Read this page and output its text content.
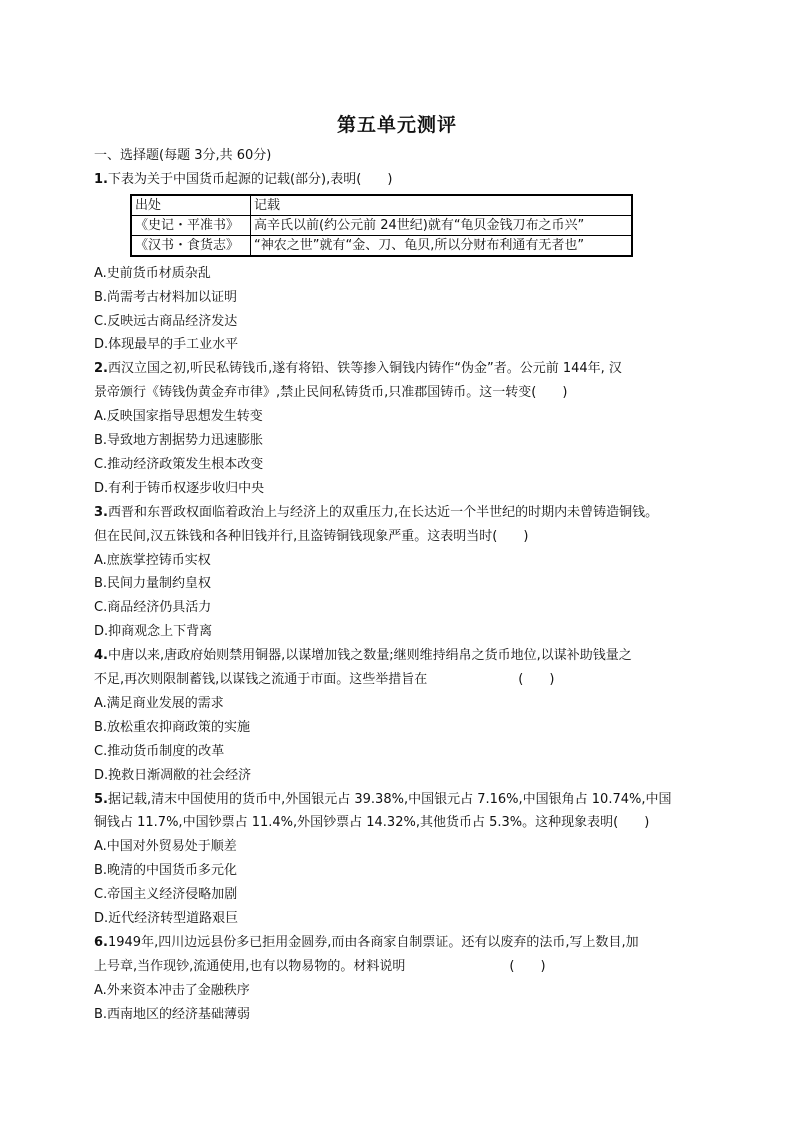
第五单元测评
一、选择题(每题 3分,共 60分)
1.下表为关于中国货币起源的记载(部分),表明(　　)
出处	记载
《史记・平准书》	高辛氏以前(约公元前 24世纪)就有“龟贝金钱刀布之币兴”
《汉书・食货志》	“神农之世”就有“金、刀、龟贝,所以分财布利通有无者也”
A.史前货币材质杂乱
B.尚需考古材料加以证明
C.反映远古商品经济发达
D.体现最早的手工业水平
2.西汉立国之初,听民私铸钱币,遂有将铅、铁等掺入铜钱内铸作“伪金”者。公元前 144年, 汉
景帝颁行《铸钱伪黄金弃市律》,禁止民间私铸货币,只准郡国铸币。这一转变(　　)
A.反映国家指导思想发生转变
B.导致地方割据势力迅速膨胀
C.推动经济政策发生根本改变
D.有利于铸币权逐步收归中央
3.西晋和东晋政权面临着政治上与经济上的双重压力,在长达近一个半世纪的时期内未曾铸造铜钱。
但在民间,汉五铢钱和各种旧钱并行,且盗铸铜钱现象严重。这表明当时(　　)
A.庶族掌控铸币实权
B.民间力量制约皇权
C.商品经济仍具活力
D.抑商观念上下背离
4.中唐以来,唐政府始则禁用铜器,以谋增加钱之数量;继则维持绢帛之货币地位,以谋补助钱量之
不足,再次则限制蓄钱,以谋钱之流通于市面。这些举措旨在　　　　　　　(　　)
A.满足商业发展的需求
B.放松重农抑商政策的实施
C.推动货币制度的改革
D.挽救日渐凋敝的社会经济
5.据记载,清末中国使用的货币中,外国银元占 39.38%,中国银元占 7.16%,中国银角占 10.74%,中国
铜钱占 11.7%,中国钞票占 11.4%,外国钞票占 14.32%,其他货币占 5.3%。这种现象表明(　　)
A.中国对外贸易处于顺差
B.晚清的中国货币多元化
C.帝国主义经济侵略加剧
D.近代经济转型道路艰巨
6.1949年,四川边远县份多已拒用金圆券,而由各商家自制票证。还有以废弃的法币,写上数目,加
上号章,当作现钞,流通使用,也有以物易物的。材料说明　　　　　　　　(　　)
A.外来资本冲击了金融秩序
B.西南地区的经济基础薄弱
